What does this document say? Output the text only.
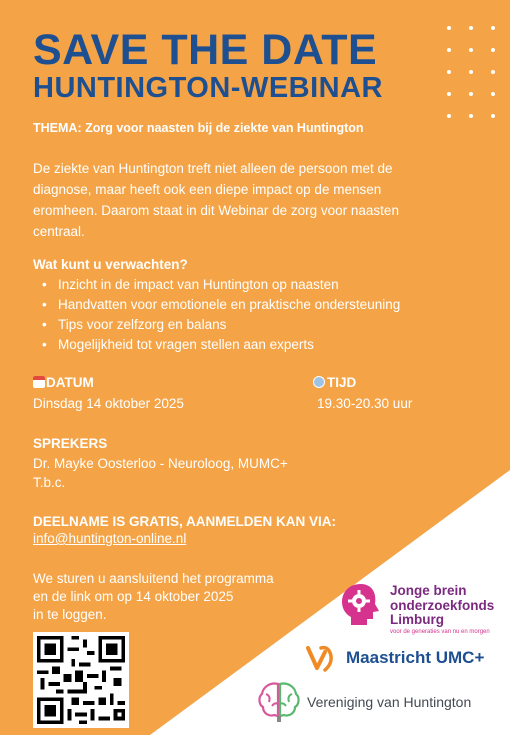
SAVE THE DATE
HUNTINGTON-WEBINAR
THEMA: Zorg voor naasten bij de ziekte van Huntington
De ziekte van Huntington treft niet alleen de persoon met de
diagnose, maar heeft ook een diepe impact op de mensen
eromheen. Daarom staat in dit Webinar de zorg voor naasten
centraal.
Wat kunt u verwachten?
• Inzicht in de impact van Huntington op naasten
• Handvatten voor emotionele en praktische ondersteuning
• Tips voor zelfzorg en balans
• Mogelijkheid tot vragen stellen aan experts
DATUM
Dinsdag 14 oktober 2025
TIJD
19.30-20.30 uur
SPREKERS
Dr. Mayke Oosterloo - Neuroloog, MUMC+
T.b.c.
DEELNAME IS GRATIS, AANMELDEN KAN VIA:
info@huntington-online.nl
We sturen u aansluitend het programma
en de link om op 14 oktober 2025
in te loggen.
Jonge brein
onderzoekfonds
Limburg
voor de generaties van nu en morgen
Maastricht UMC+
Vereniging van Huntington
